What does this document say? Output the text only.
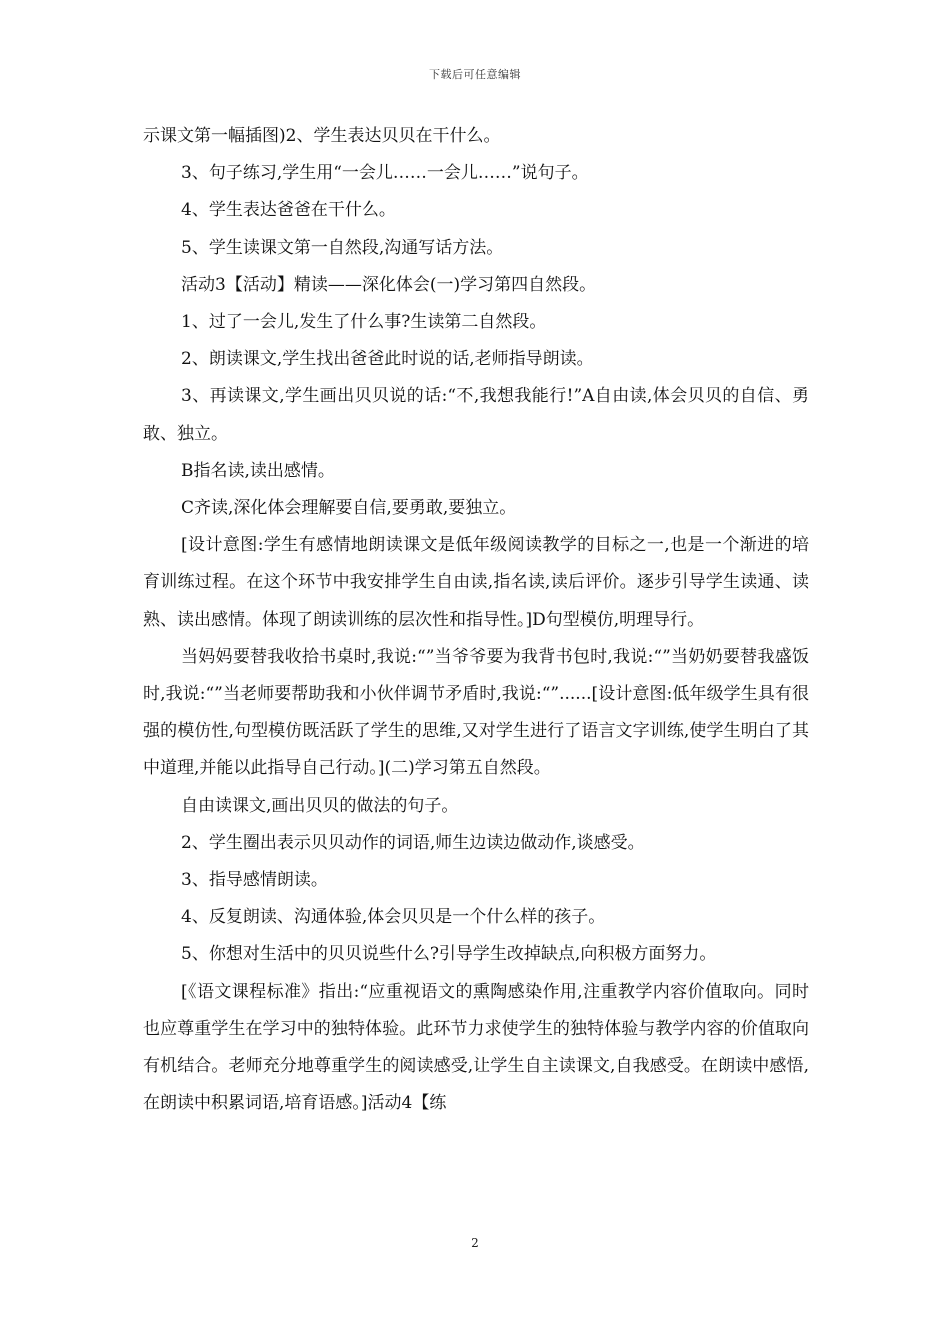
下载后可任意编辑

示课文第一幅插图)2、学生表达贝贝在干什么。

3、句子练习,学生用“一会儿……一会儿……”说句子。

4、学生表达爸爸在干什么。

5、学生读课文第一自然段,沟通写话方法。

活动3【活动】精读——深化体会(一)学习第四自然段。

1、过了一会儿,发生了什么事?生读第二自然段。

2、朗读课文,学生找出爸爸此时说的话,老师指导朗读。

3、再读课文,学生画出贝贝说的话:“不,我想我能行!”A自由读,体会贝贝的自信、勇敢、独立。

B指名读,读出感情。

C齐读,深化体会理解要自信,要勇敢,要独立。

[设计意图:学生有感情地朗读课文是低年级阅读教学的目标之一,也是一个渐进的培育训练过程。在这个环节中我安排学生自由读,指名读,读后评价。逐步引导学生读通、读熟、读出感情。体现了朗读训练的层次性和指导性。]D句型模仿,明理导行。

当妈妈要替我收拾书桌时,我说:“”当爷爷要为我背书包时,我说:“”当奶奶要替我盛饭时,我说:“”当老师要帮助我和小伙伴调节矛盾时,我说:“”......[设计意图:低年级学生具有很强的模仿性,句型模仿既活跃了学生的思维,又对学生进行了语言文字训练,使学生明白了其中道理,并能以此指导自己行动。](二)学习第五自然段。

自由读课文,画出贝贝的做法的句子。

2、学生圈出表示贝贝动作的词语,师生边读边做动作,谈感受。

3、指导感情朗读。

4、反复朗读、沟通体验,体会贝贝是一个什么样的孩子。

5、你想对生活中的贝贝说些什么?引导学生改掉缺点,向积极方面努力。

[《语文课程标准》指出:“应重视语文的熏陶感染作用,注重教学内容价值取向。同时也应尊重学生在学习中的独特体验。此环节力求使学生的独特体验与教学内容的价值取向有机结合。老师充分地尊重学生的阅读感受,让学生自主读课文,自我感受。在朗读中感悟,在朗读中积累词语,培育语感。]活动4【练

2
